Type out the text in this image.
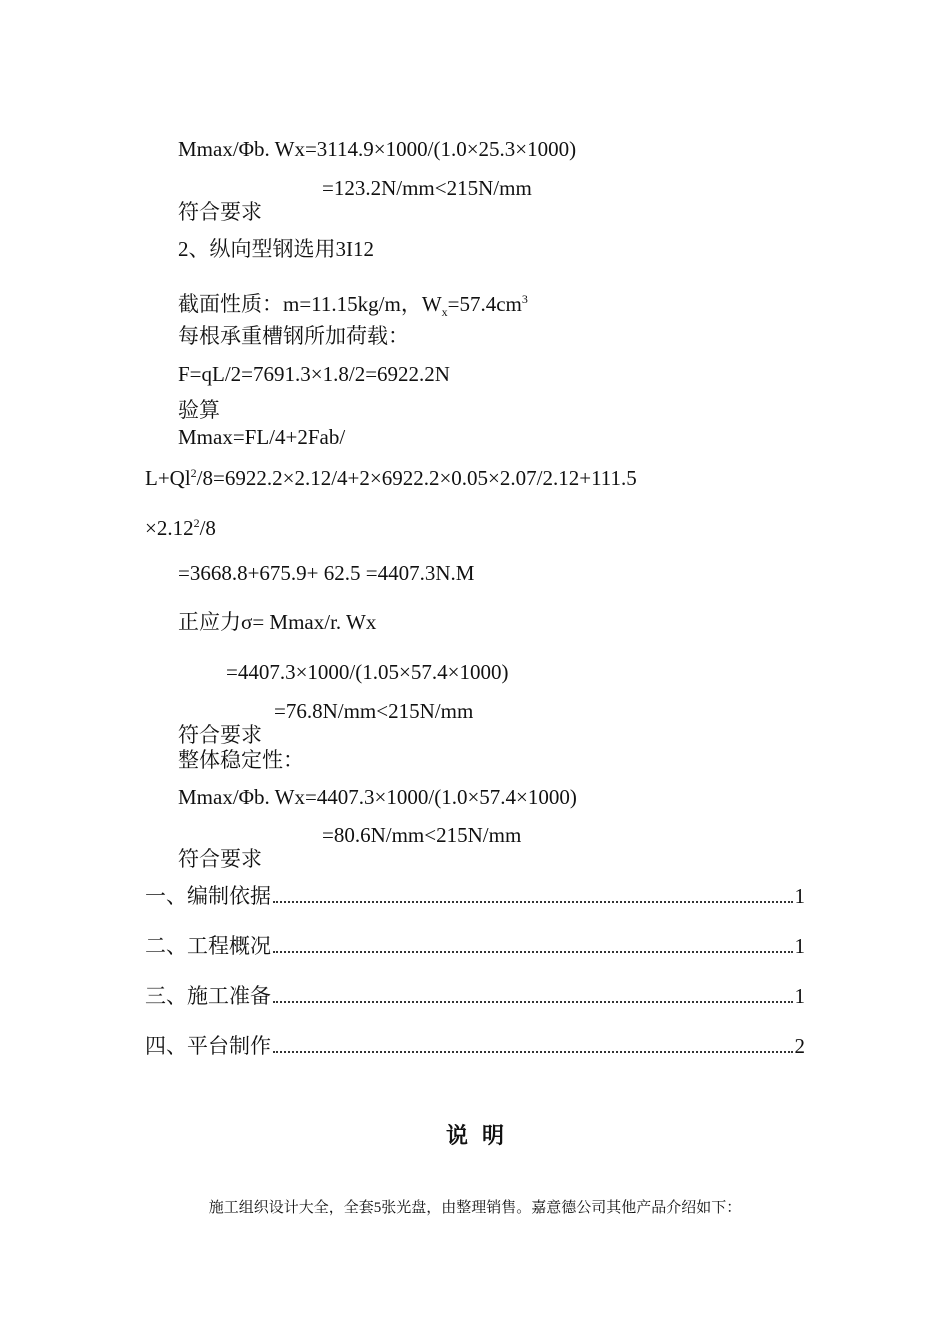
Mmax/Φb. Wx=3114.9×1000/(1.0×25.3×1000)
=123.2N/mm<215N/mm
符合要求
2、纵向型钢选用3I12
截面性质：m=11.15kg/m，$W_x=57.4cm^3$
每根承重槽钢所加荷载：
F=qL/2=7691.3×1.8/2=6922.2N
验算
Mmax=FL/4+2Fab/
$L+Ql^2/8=6922.2\times 2.12/4+2\times 6922.2\times 0.05\times 2.07/2.12+111.5$
$\times 2.12^2/8$
=3668.8+675.9+ 62.5 =4407.3N.M
正应力σ= Mmax/r. Wx
=4407.3×1000/(1.05×57.4×1000)
=76.8N/mm<215N/mm
符合要求
整体稳定性：
Mmax/Φb. Wx=4407.3×1000/(1.0×57.4×1000)
=80.6N/mm<215N/mm
符合要求
一、编制依据	1
二、工程概况	1
三、施工准备	1
四、平台制作	2
说明
施工组织设计大全，全套5张光盘，由整理销售。嘉意德公司其他产品介绍如下：
